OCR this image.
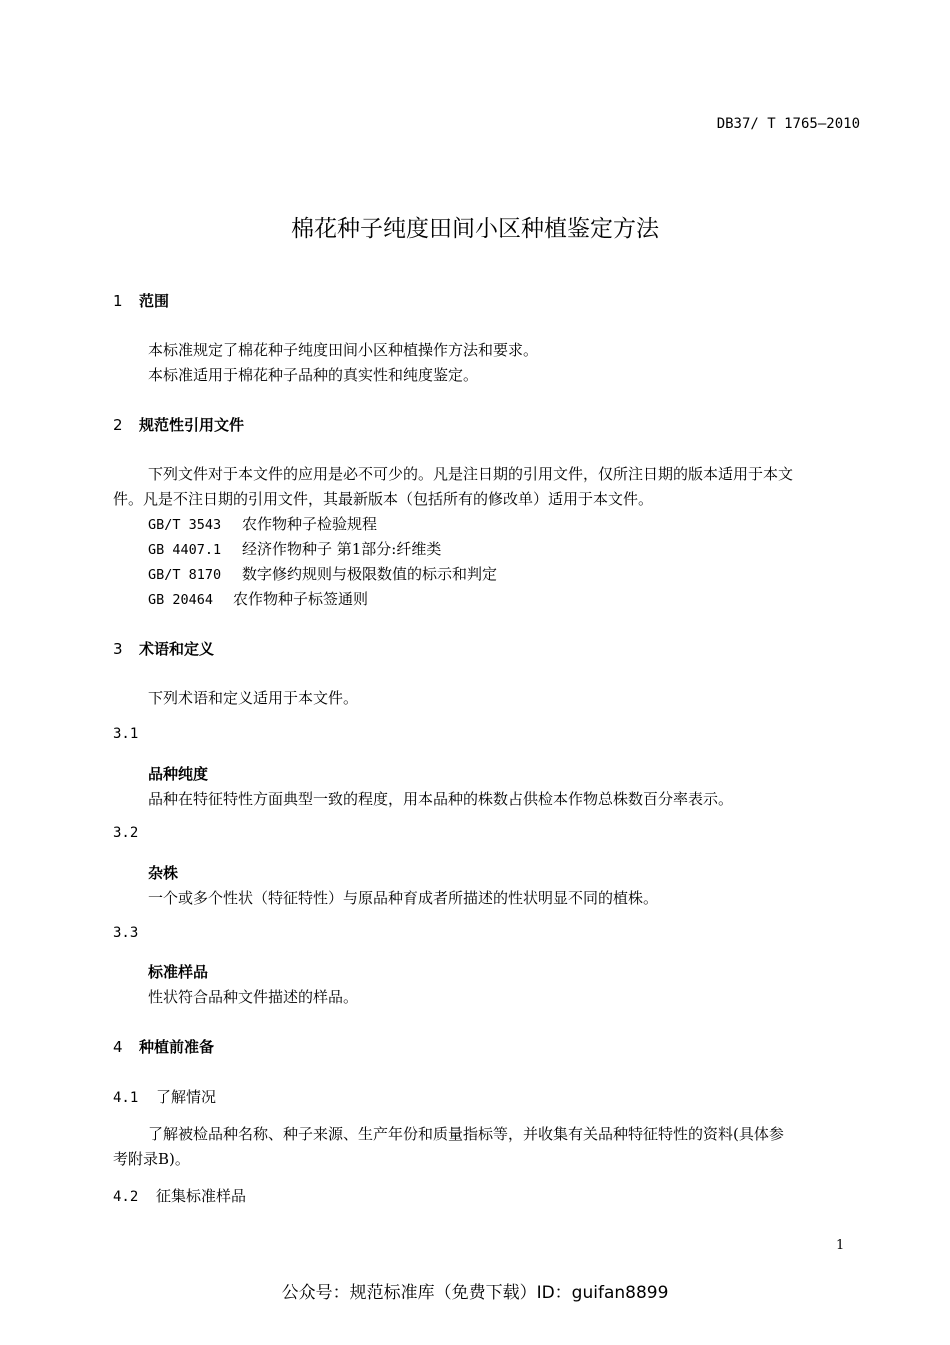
DB37/ T 1765—2010
棉花种子纯度田间小区种植鉴定方法
1 范围
本标准规定了棉花种子纯度田间小区种植操作方法和要求。
本标准适用于棉花种子品种的真实性和纯度鉴定。
2 规范性引用文件
下列文件对于本文件的应用是必不可少的。凡是注日期的引用文件，仅所注日期的版本适用于本文
件。凡是不注日期的引用文件，其最新版本（包括所有的修改单）适用于本文件。
GB/T 3543 农作物种子检验规程
GB 4407.1 经济作物种子 第1部分:纤维类
GB/T 8170 数字修约规则与极限数值的标示和判定
GB 20464 农作物种子标签通则
3 术语和定义
下列术语和定义适用于本文件。
3.1
品种纯度
品种在特征特性方面典型一致的程度，用本品种的株数占供检本作物总株数百分率表示。
3.2
杂株
一个或多个性状（特征特性）与原品种育成者所描述的性状明显不同的植株。
3.3
标准样品
性状符合品种文件描述的样品。
4 种植前准备
4.1 了解情况
了解被检品种名称、种子来源、生产年份和质量指标等，并收集有关品种特征特性的资料(具体参
考附录B)。
4.2 征集标准样品
1
公众号：规范标准库（免费下载）ID：guifan8899
